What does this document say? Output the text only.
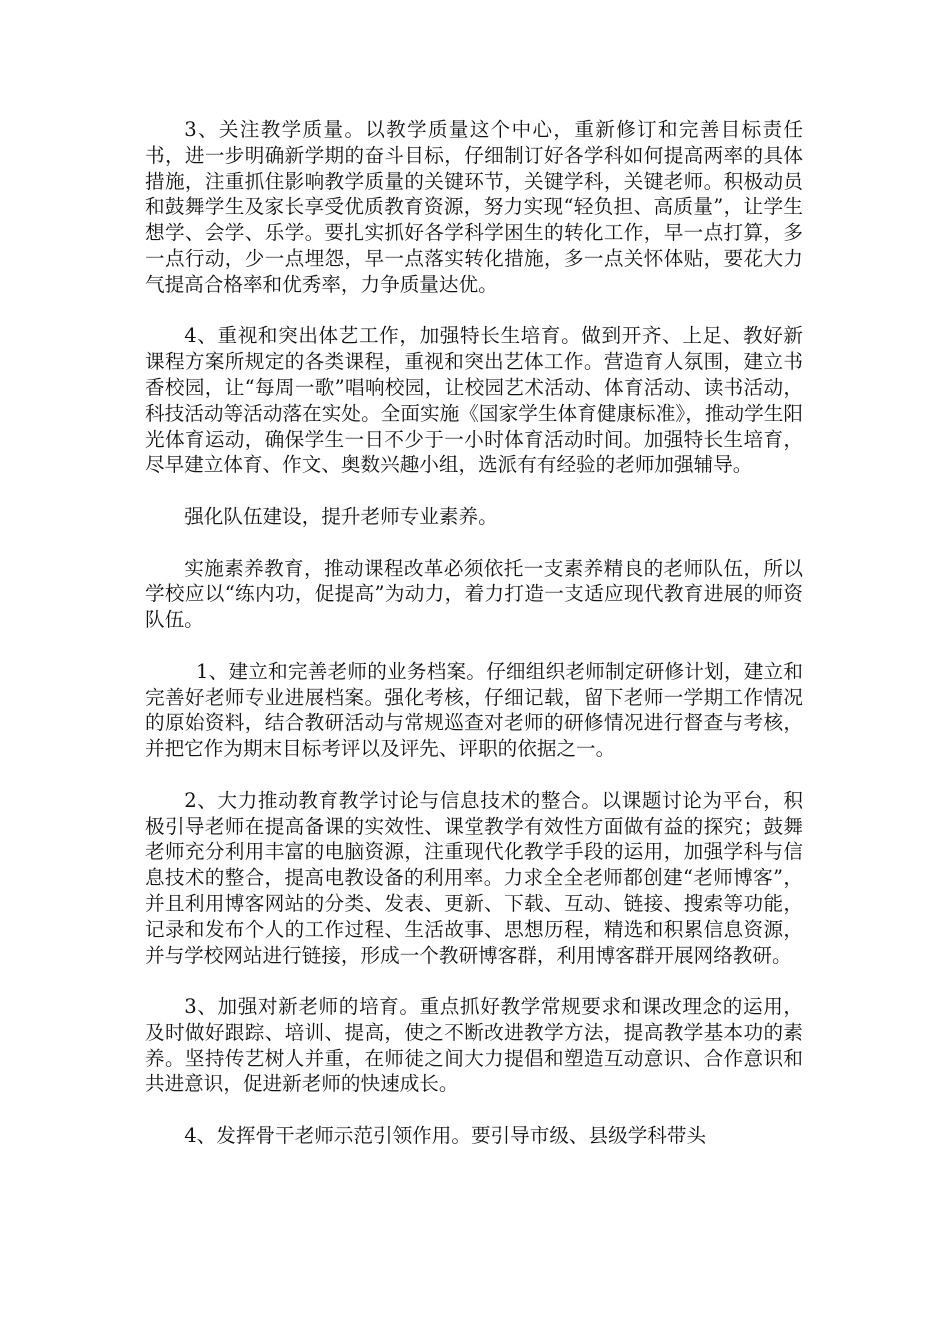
3、关注教学质量。以教学质量这个中心，重新修订和完善目标责任书，进一步明确新学期的奋斗目标，仔细制订好各学科如何提高两率的具体措施，注重抓住影响教学质量的关键环节，关键学科，关键老师。积极动员和鼓舞学生及家长享受优质教育资源，努力实现“轻负担、高质量”，让学生想学、会学、乐学。要扎实抓好各学科学困生的转化工作，早一点打算，多一点行动，少一点埋怨，早一点落实转化措施，多一点关怀体贴，要花大力气提高合格率和优秀率，力争质量达优。

4、重视和突出体艺工作，加强特长生培育。做到开齐、上足、教好新课程方案所规定的各类课程，重视和突出艺体工作。营造育人氛围，建立书香校园，让“每周一歌”唱响校园，让校园艺术活动、体育活动、读书活动，科技活动等活动落在实处。全面实施《国家学生体育健康标准》，推动学生阳光体育运动，确保学生一日不少于一小时体育活动时间。加强特长生培育，尽早建立体育、作文、奥数兴趣小组，选派有有经验的老师加强辅导。

强化队伍建设，提升老师专业素养。

实施素养教育，推动课程改革必须依托一支素养精良的老师队伍，所以学校应以“练内功，促提高”为动力，着力打造一支适应现代教育进展的师资队伍。

1、建立和完善老师的业务档案。仔细组织老师制定研修计划，建立和完善好老师专业进展档案。强化考核，仔细记载，留下老师一学期工作情况的原始资料，结合教研活动与常规巡查对老师的研修情况进行督查与考核，并把它作为期末目标考评以及评先、评职的依据之一。

2、大力推动教育教学讨论与信息技术的整合。以课题讨论为平台，积极引导老师在提高备课的实效性、课堂教学有效性方面做有益的探究；鼓舞老师充分利用丰富的电脑资源，注重现代化教学手段的运用，加强学科与信息技术的整合，提高电教设备的利用率。力求全全老师都创建“老师博客”，并且利用博客网站的分类、发表、更新、下载、互动、链接、搜索等功能，记录和发布个人的工作过程、生活故事、思想历程，精选和积累信息资源，并与学校网站进行链接，形成一个教研博客群，利用博客群开展网络教研。

3、加强对新老师的培育。重点抓好教学常规要求和课改理念的运用，及时做好跟踪、培训、提高，使之不断改进教学方法，提高教学基本功的素养。坚持传艺树人并重，在师徒之间大力提倡和塑造互动意识、合作意识和共进意识，促进新老师的快速成长。

4、发挥骨干老师示范引领作用。要引导市级、县级学科带头
